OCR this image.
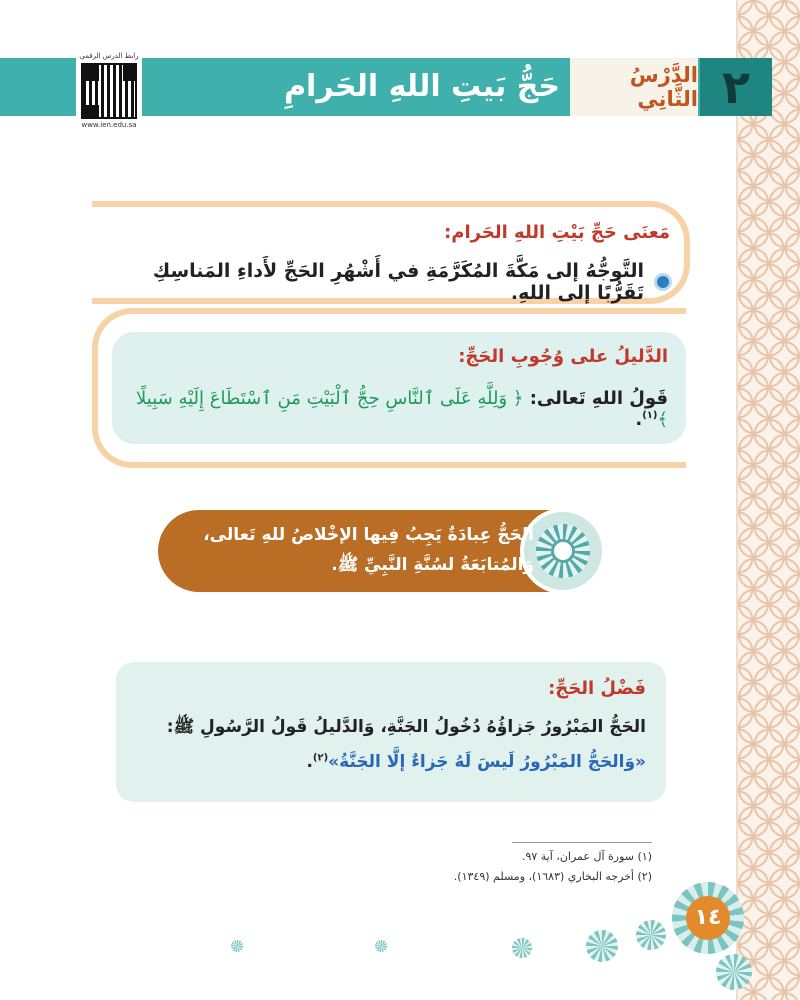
٢
الدَّرْسُ الثَّانِي
حَجُّ بَيتِ اللهِ الحَرامِ
رابط الدرس الرقمي
www.ien.edu.sa
مَعنَى حَجِّ بَيْتِ اللهِ الحَرام:
التَّوجُّهُ إلى مَكَّةَ المُكَرَّمَةِ في أَشْهُرِ الحَجِّ لأَداءِ المَناسِكِ تَقَرُّبًا إلى اللهِ.
الدَّليلُ على وُجُوبِ الحَجِّ:
قَولُ اللهِ تَعالى: ﴿ وَلِلَّهِ عَلَى ٱلنَّاسِ حِجُّ ٱلْبَيْتِ مَنِ ٱسْتَطَاعَ إِلَيْهِ سَبِيلًا ﴾$^{(١)}$.
الحَجُّ عِبادَةٌ يَجِبُ فِيها الإخْلاصُ للهِ تَعالى،
وَالمُتابَعَةُ لسُنَّةِ النَّبِيِّ ﷺ.
فَضْلُ الحَجِّ:
الحَجُّ المَبْرُورُ جَزاؤُهُ دُخُولُ الجَنَّةِ، وَالدَّليلُ قَولُ الرَّسُولِ ﷺ:
«وَالحَجُّ المَبْرُورُ لَيسَ لَهُ جَزاءٌ إلَّا الجَنَّةُ»$^{(٢)}$.
(١) سورة آل عمران، آية ٩٧.
(٢) أخرجه البخاري (١٦٨٣)، ومسلم (١٣٤٩).
١٤
